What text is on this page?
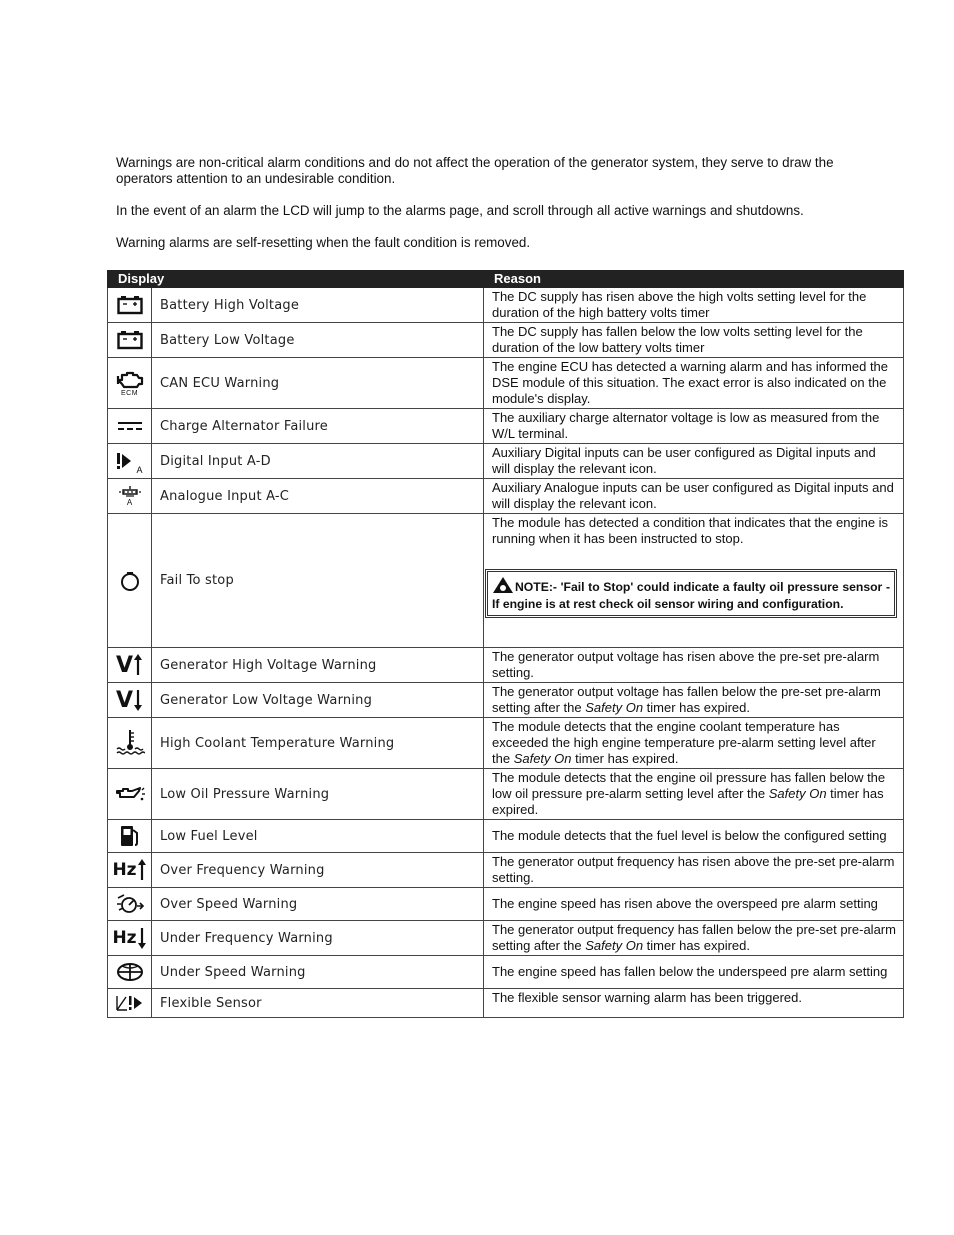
Warnings are non-critical alarm conditions and do not affect the operation of the generator system, they serve to draw the operators attention to an undesirable condition.
In the event of an alarm the LCD will jump to the alarms page, and scroll through all active warnings and shutdowns.
Warning alarms are self-resetting when the fault condition is removed.
Display		Reason

	Battery High Voltage	The DC supply has risen above the high volts setting level for the duration of the high battery volts timer

	Battery Low Voltage	The DC supply has fallen below the low volts setting level for the duration of the low battery volts timer

ECM	CAN ECU Warning	The engine ECU has detected a warning alarm and has informed the DSE module of this situation. The exact error is also indicated on the module's display.

	Charge Alternator Failure	The auxiliary charge alternator voltage is low as measured from the W/L terminal.

A	Digital Input A-D	Auxiliary Digital inputs can be user configured as Digital inputs and will display the relevant icon.

A	Analogue Input A-C	Auxiliary Analogue inputs can be user configured as Digital inputs and will display the relevant icon.

	Fail To stop	The module has detected a condition that indicates that the engine is running when it has been instructed to stop.
NOTE:- 'Fail to Stop' could indicate a faulty oil pressure sensor - If engine is at rest check oil sensor wiring and configuration.

V	Generator High Voltage Warning	The generator output voltage has risen above the pre-set pre-alarm setting.

V	Generator Low Voltage Warning	The generator output voltage has fallen below the pre-set pre-alarm setting after the Safety On timer has expired.

	High Coolant Temperature Warning	The module detects that the engine coolant temperature has exceeded the high engine temperature pre-alarm setting level after the Safety On timer has expired.

	Low Oil Pressure Warning	The module detects that the engine oil pressure has fallen below the low oil pressure pre-alarm setting level after the Safety On timer has expired.

	Low Fuel Level	The module detects that the fuel level is below the configured setting

Hz	Over Frequency Warning	The generator output frequency has risen above the pre-set pre-alarm setting.

	Over Speed Warning	The engine speed has risen above the overspeed pre alarm setting

Hz	Under Frequency Warning	The generator output frequency has fallen below the pre-set pre-alarm setting after the Safety On timer has expired.

	Under Speed Warning	The engine speed has fallen below the underspeed pre alarm setting

	Flexible Sensor	The flexible sensor warning alarm has been triggered.
